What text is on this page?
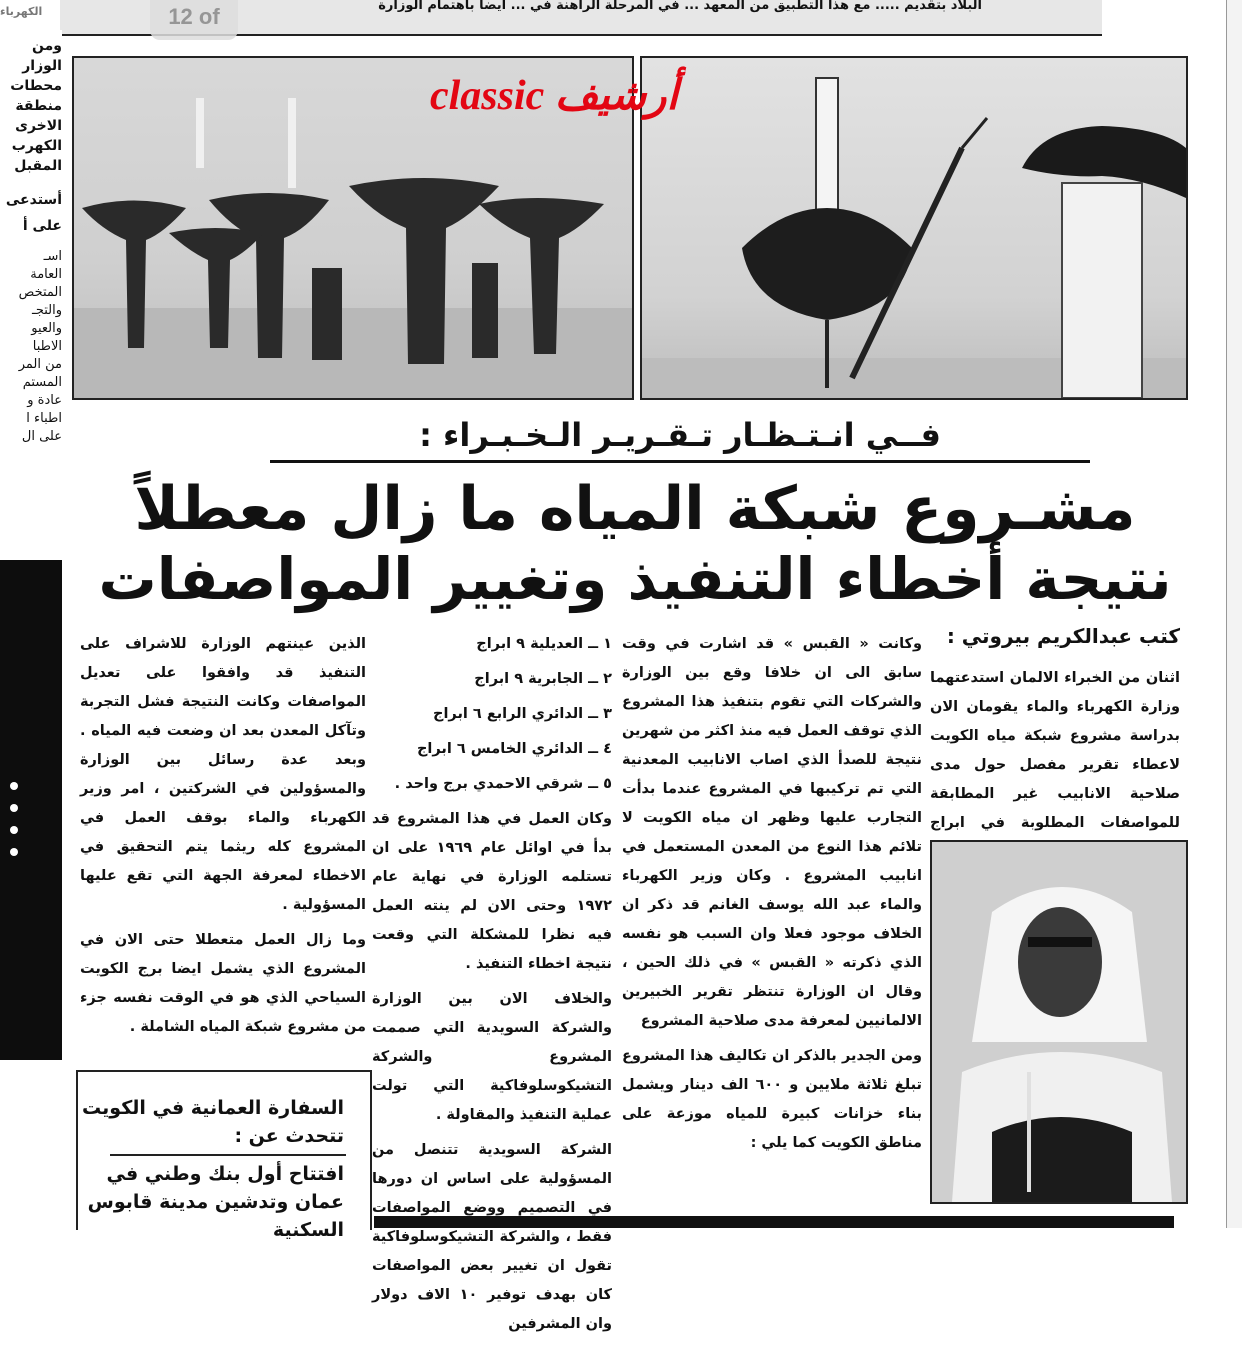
البلاد بتقديم ..... مع هذا التطبيق من المعهد ... في المرحلة الراهنة في ... ايضا باهتمام الوزارة
الكهرباء	12 of
ومن
الوزار
محطات
منطقة
الاخرى
الكهرب
المقبل
أستدعى
على أ
اسـ
العامة
المتخص
والتجـ
والعيو
الاطبا
من المر
المستم
عادة و
اطباء ا
على ال
أرشيف classic
فــي انـتـظـار تـقـريـر الـخـبـراء :
مشـروع شبكة المياه ما زال معطلاً
نتيجة أخطاء التنفيذ وتغيير المواصفات
كتب عبدالكريم بيروتي :

اثنان من الخبراء الالمان استدعتهما وزارة الكهرباء والماء يقومان الان بدراسة مشروع شبكة مياه الكويت لاعطاء تقرير مفصل حول مدى صلاحية الانابيب غير المطابقة للمواصفات المطلوبة في ابراج

وكانت « القبس » قد اشارت في وقت سابق الى ان خلافا وقع بين الوزارة والشركات التي تقوم بتنفيذ هذا المشروع الذي توقف العمل فيه منذ اكثر من شهرين نتيجة للصدأ الذي اصاب الانابيب المعدنية التي تم تركيبها في المشروع عندما بدأت التجارب عليها وظهر ان مياه الكويت لا تلائم هذا النوع من المعدن المستعمل في انابيب المشروع . وكان وزير الكهرباء والماء عبد الله يوسف الغانم قد ذكر ان الخلاف موجود فعلا وان السبب هو نفسه الذي ذكرته « القبس » في ذلك الحين ، وقال ان الوزارة تنتظر تقرير الخبيرين الالمانيين لمعرفة مدى صلاحية المشروع

ومن الجدير بالذكر ان تكاليف هذا المشروع تبلغ ثلاثة ملايين و ٦٠٠ الف دينار ويشمل بناء خزانات كبيرة للمياه موزعة على مناطق الكويت كما يلي :

١ ــ العديلية ٩ ابراج

٢ ــ الجابرية ٩ ابراج

٣ ــ الدائري الرابع ٦ ابراج

٤ ــ الدائري الخامس ٦ ابراج

٥ ــ شرقي الاحمدي برج واحد .

وكان العمل في هذا المشروع قد بدأ في اوائل عام ١٩٦٩ على ان تستلمه الوزارة في نهاية عام ١٩٧٢ وحتى الان لم ينته العمل فيه نظرا للمشكلة التي وقعت نتيجة اخطاء التنفيذ .

والخلاف الان بين الوزارة والشركة السويدية التي صممت المشروع والشركة التشيكوسلوفاكية التي تولت عملية التنفيذ والمقاولة .

الشركة السويدية تتنصل من المسؤولية على اساس ان دورها في التصميم ووضع المواصفات فقط ، والشركة التشيكوسلوفاكية تقول ان تغيير بعض المواصفات كان بهدف توفير ١٠ الاف دولار وان المشرفين

الذين عينتهم الوزارة للاشراف على التنفيذ قد وافقوا على تعديل المواصفات وكانت النتيجة فشل التجربة وتآكل المعدن بعد ان وضعت فيه المياه . وبعد عدة رسائل بين الوزارة والمسؤولين في الشركتين ، امر وزير الكهرباء والماء بوقف العمل في المشروع كله ريثما يتم التحقيق في الاخطاء لمعرفة الجهة التي تقع عليها المسؤولية .

وما زال العمل متعطلا حتى الان في المشروع الذي يشمل ايضا برج الكويت السياحي الذي هو في الوقت نفسه جزء من مشروع شبكة المياه الشاملة .

السفارة العمانية في الكويت تتحدث عن :
افتتاح أول بنك وطني في عمان وتدشين مدينة قابوس السكنية
